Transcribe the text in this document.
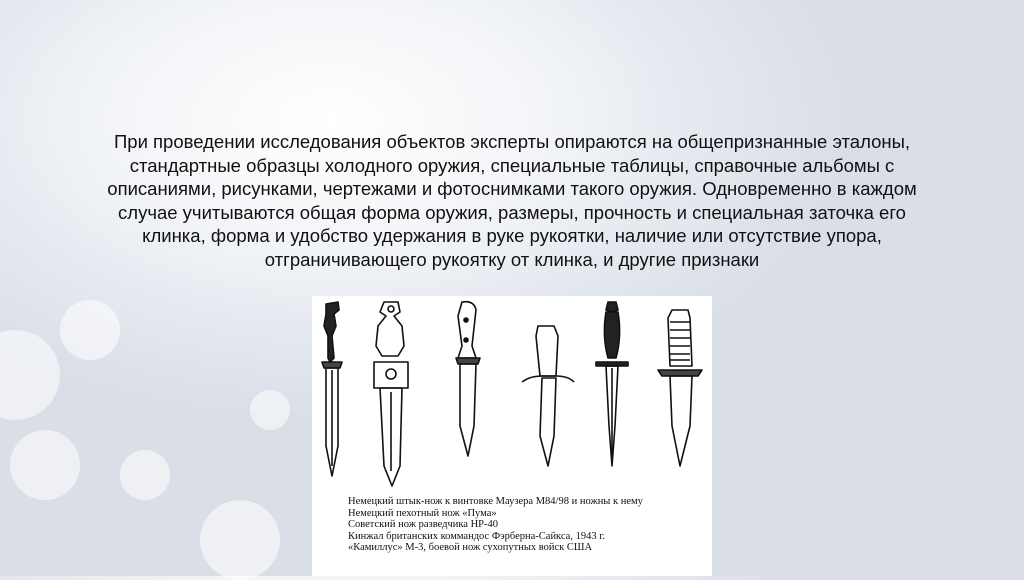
При проведении исследования объектов эксперты опираются на общепризнанные эталоны,
стандартные образцы холодного оружия, специальные таблицы, справочные альбомы с
описаниями, рисунками, чертежами и фотоснимками такого оружия. Одновременно в каждом
случае учитываются общая форма оружия, размеры, прочность и специальная заточка его
клинка, форма и удобство удержания в руке рукоятки, наличие или отсутствие упора,
отграничивающего рукоятку от клинка, и другие признаки
Немецкий штык-нож к винтовке Маузера М84/98 и ножны к нему
Немецкий пехотный нож «Пума»
Советский нож разведчика НР-40
Кинжал британских коммандос Фэрберна-Сайкса, 1943 г.
«Камиллус» М-3, боевой нож сухопутных войск США
